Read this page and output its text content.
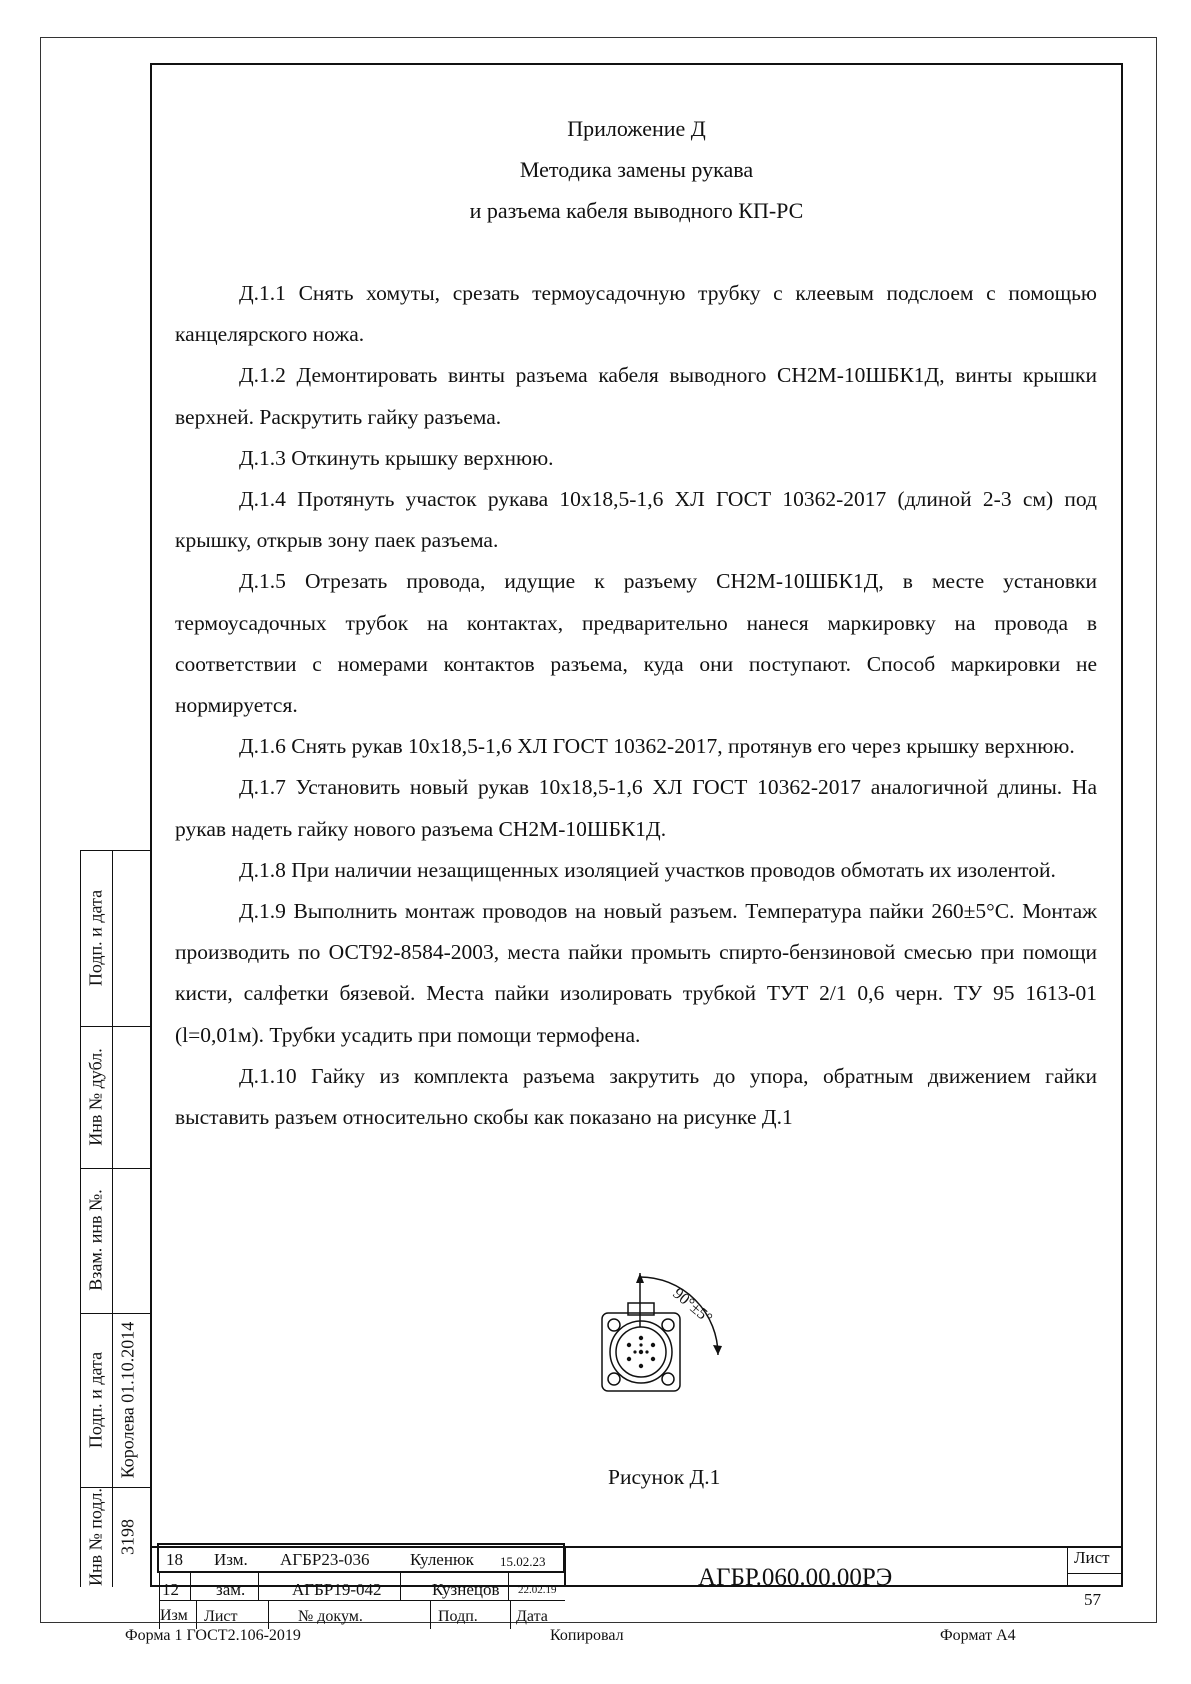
Приложение Д
Методика замены рукава
и разъема кабеля выводного КП-РС

Д.1.1 Снять хомуты, срезать термоусадочную трубку с клеевым подслоем с помощью канцелярского ножа.

Д.1.2 Демонтировать винты разъема кабеля выводного СН2М-10ШБК1Д, винты крышки верхней. Раскрутить гайку разъема.

Д.1.3 Откинуть крышку верхнюю.

Д.1.4 Протянуть участок рукава 10х18,5-1,6 ХЛ ГОСТ 10362-2017 (длиной 2-3 см) под крышку, открыв зону паек разъема.

Д.1.5 Отрезать провода, идущие к разъему СН2М-10ШБК1Д, в месте установки термоусадочных трубок на контактах, предварительно нанеся маркировку на провода в соответствии с номерами контактов разъема, куда они поступают. Способ маркировки не нормируется.

Д.1.6 Снять рукав 10х18,5-1,6 ХЛ ГОСТ 10362-2017, протянув его через крышку верхнюю.

Д.1.7 Установить новый рукав 10х18,5-1,6 ХЛ ГОСТ 10362-2017 аналогичной длины. На рукав надеть гайку нового разъема СН2М-10ШБК1Д.

Д.1.8 При наличии незащищенных изоляцией участков проводов обмотать их изолентой.

Д.1.9 Выполнить монтаж проводов на новый разъем. Температура пайки 260±5°С. Монтаж производить по ОСТ92-8584-2003, места пайки промыть спирто-бензиновой смесью при помощи кисти, салфетки бязевой. Места пайки изолировать трубкой ТУТ 2/1 0,6 черн. ТУ 95 1613-01 (l=0,01м). Трубки усадить при помощи термофена.

Д.1.10 Гайку из комплекта разъема закрутить до упора, обратным движением гайки выставить разъем относительно скобы как показано на рисунке Д.1

90°±5°
Рисунок Д.1
Подп. и дата
Инв № дубл.
Взам. инв №.
Подп. и дата Королева 01.10.2014
Инв № подл. 3198
18 Изм. АГБР23-036 Куленюк 15.02.23
12 зам.	АГБР19-042	Кузнецов 22.02.19
Изм Лист	№ докум.	Подп. Дата
АГБР.060.00.00РЭ
Лист
57
Форма 1 ГОСТ2.106-2019	Копировал	Формат А4
